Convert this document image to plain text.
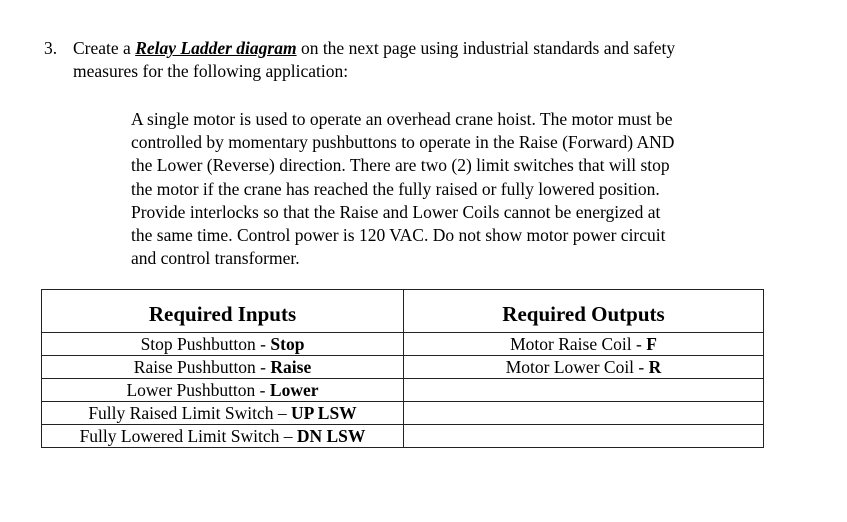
3. Create a Relay Ladder diagram on the next page using industrial standards and safety
measures for the following application:
A single motor is used to operate an overhead crane hoist. The motor must be
controlled by momentary pushbuttons to operate in the Raise (Forward) AND
the Lower (Reverse) direction. There are two (2) limit switches that will stop
the motor if the crane has reached the fully raised or fully lowered position.
Provide interlocks so that the Raise and Lower Coils cannot be energized at
the same time. Control power is 120 VAC. Do not show motor power circuit
and control transformer.
Required Inputs	Required Outputs
Stop Pushbutton - Stop	Motor Raise Coil - F
Raise Pushbutton - Raise	Motor Lower Coil - R
Lower Pushbutton - Lower	
Fully Raised Limit Switch – UP LSW	
Fully Lowered Limit Switch – DN LSW	
